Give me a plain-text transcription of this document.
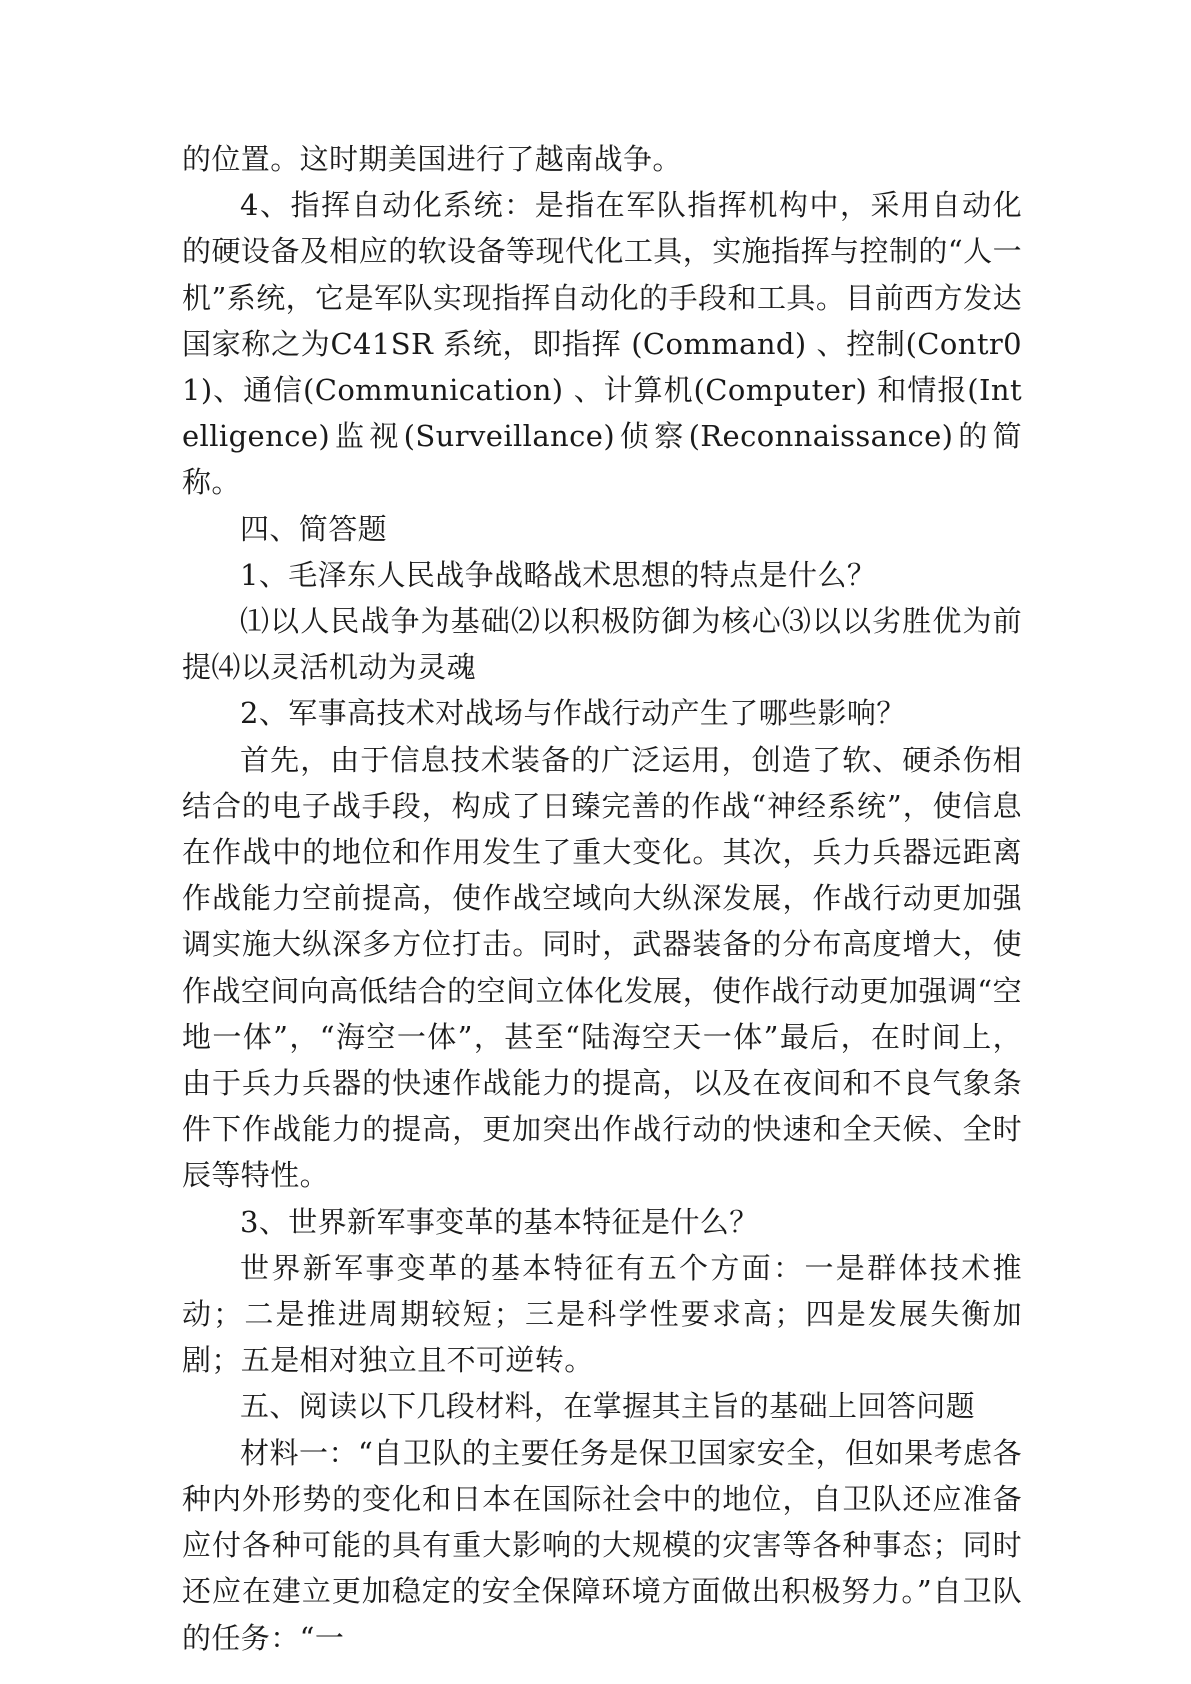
的位置。这时期美国进行了越南战争。

4、指挥自动化系统：是指在军队指挥机构中，采用自动化的硬设备及相应的软设备等现代化工具，实施指挥与控制的“人一机”系统，它是军队实现指挥自动化的手段和工具。目前西方发达国家称之为C41SR 系统，即指挥 (Command) 、控制(Contr01)、通信(Communication) 、计算机(Computer) 和情报(Intelligence)监视(Surveillance)侦察(Reconnaissance)的简称。

四、简答题

1、毛泽东人民战争战略战术思想的特点是什么？

⑴以人民战争为基础⑵以积极防御为核心⑶以以劣胜优为前提⑷以灵活机动为灵魂

2、军事高技术对战场与作战行动产生了哪些影响？

首先，由于信息技术装备的广泛运用，创造了软、硬杀伤相结合的电子战手段，构成了日臻完善的作战“神经系统”，使信息在作战中的地位和作用发生了重大变化。其次，兵力兵器远距离作战能力空前提高，使作战空域向大纵深发展，作战行动更加强调实施大纵深多方位打击。同时，武器装备的分布高度增大，使作战空间向高低结合的空间立体化发展，使作战行动更加强调“空地一体”，“海空一体”，甚至“陆海空天一体”最后，在时间上，由于兵力兵器的快速作战能力的提高，以及在夜间和不良气象条件下作战能力的提高，更加突出作战行动的快速和全天候、全时辰等特性。

3、世界新军事变革的基本特征是什么？

世界新军事变革的基本特征有五个方面：一是群体技术推动；二是推进周期较短；三是科学性要求高；四是发展失衡加剧；五是相对独立且不可逆转。

五、阅读以下几段材料，在掌握其主旨的基础上回答问题

材料一：“自卫队的主要任务是保卫国家安全，但如果考虑各种内外形势的变化和日本在国际社会中的地位，自卫队还应准备应付各种可能的具有重大影响的大规模的灾害等各种事态；同时还应在建立更加稳定的安全保障环境方面做出积极努力。”自卫队的任务：“一
